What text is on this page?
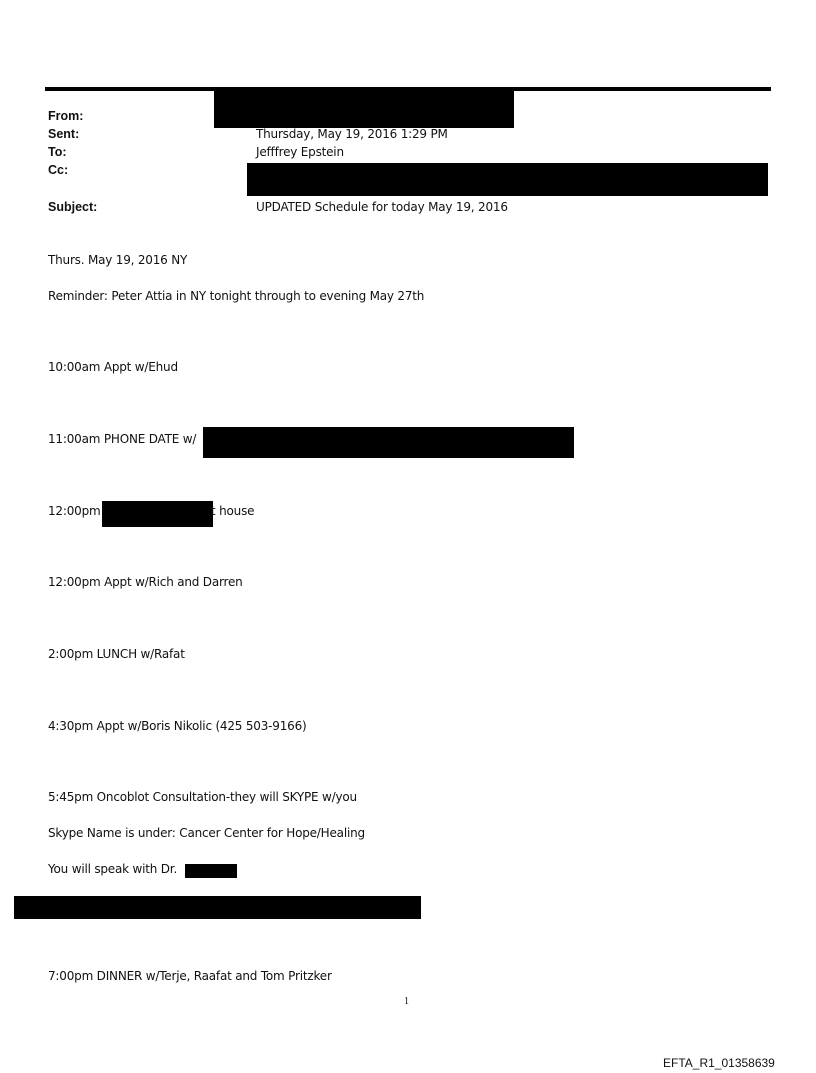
From:
Sent:
To:
Cc:
Subject:
Thursday, May 19, 2016 1:29 PM
Jefffrey Epstein
UPDATED Schedule for today May 19, 2016
Thurs. May 19, 2016 NY
Reminder: Peter Attia in NY tonight through to evening May 27th
10:00am Appt w/Ehud
11:00am PHONE DATE w/
12:00pm	t house
12:00pm Appt w/Rich and Darren
2:00pm LUNCH w/Rafat
4:30pm Appt w/Boris Nikolic (425 503-9166)
5:45pm Oncoblot Consultation-they will SKYPE w/you
Skype Name is under: Cancer Center for Hope/Healing
You will speak with Dr.
7:00pm DINNER w/Terje, Raafat and Tom Pritzker
1
EFTA_R1_01358639
